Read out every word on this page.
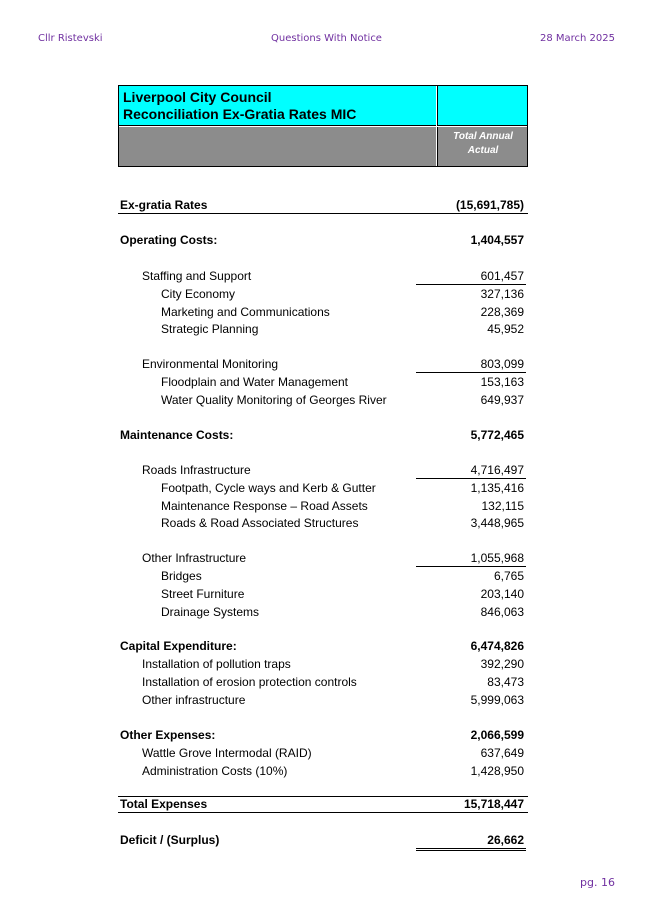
Cllr Ristevski	Questions With Notice	28 March 2025
Liverpool City Council
Reconciliation Ex-Gratia Rates MIC
Total Annual
Actual
Ex-gratia Rates	(15,691,785)
Operating Costs:	1,404,557
Staffing and Support	601,457
City Economy	327,136
Marketing and Communications	228,369
Strategic Planning	45,952
Environmental Monitoring	803,099
Floodplain and Water Management	153,163
Water Quality Monitoring of Georges River	649,937
Maintenance Costs:	5,772,465
Roads Infrastructure	4,716,497
Footpath, Cycle ways and Kerb & Gutter	1,135,416
Maintenance Response – Road Assets	132,115
Roads & Road Associated Structures	3,448,965
Other Infrastructure	1,055,968
Bridges	6,765
Street Furniture	203,140
Drainage Systems	846,063
Capital Expenditure:	6,474,826
Installation of pollution traps	392,290
Installation of erosion protection controls	83,473
Other infrastructure	5,999,063
Other Expenses:	2,066,599
Wattle Grove Intermodal (RAID)	637,649
Administration Costs (10%)	1,428,950
Total Expenses	15,718,447
Deficit / (Surplus)	26,662
pg. 16
